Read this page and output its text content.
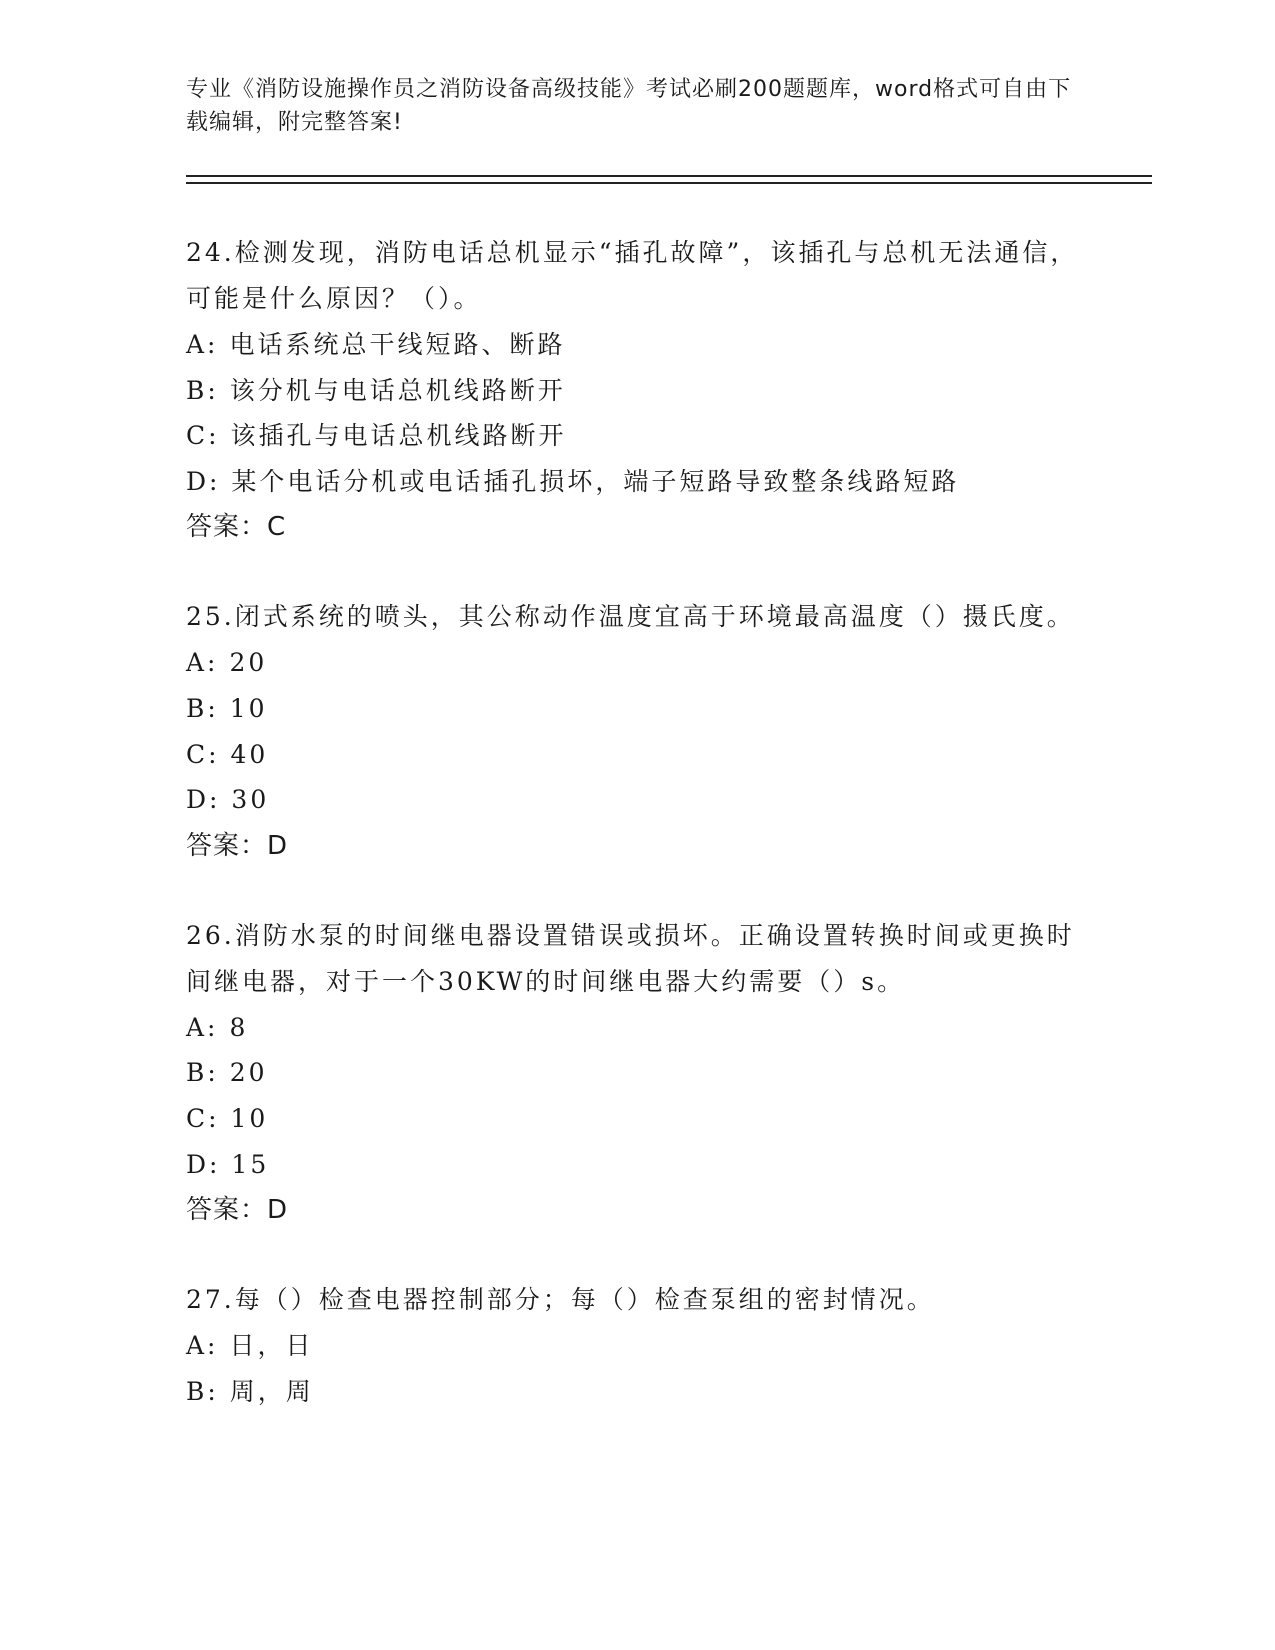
专业《消防设施操作员之消防设备高级技能》考试必刷200题题库，word格式可自由下载编辑，附完整答案!
24.检测发现，消防电话总机显示“插孔故障”，该插孔与总机无法通信，可能是什么原因？（）。
A: 电话系统总干线短路、断路
B: 该分机与电话总机线路断开
C: 该插孔与电话总机线路断开
D: 某个电话分机或电话插孔损坏，端子短路导致整条线路短路
答案：C
25.闭式系统的喷头，其公称动作温度宜高于环境最高温度（）摄氏度。
A: 20
B: 10
C: 40
D: 30
答案：D
26.消防水泵的时间继电器设置错误或损坏。正确设置转换时间或更换时间继电器，对于一个30KW的时间继电器大约需要（）s。
A: 8
B: 20
C: 10
D: 15
答案：D
27.每（）检查电器控制部分；每（）检查泵组的密封情况。
A: 日，日
B: 周，周
